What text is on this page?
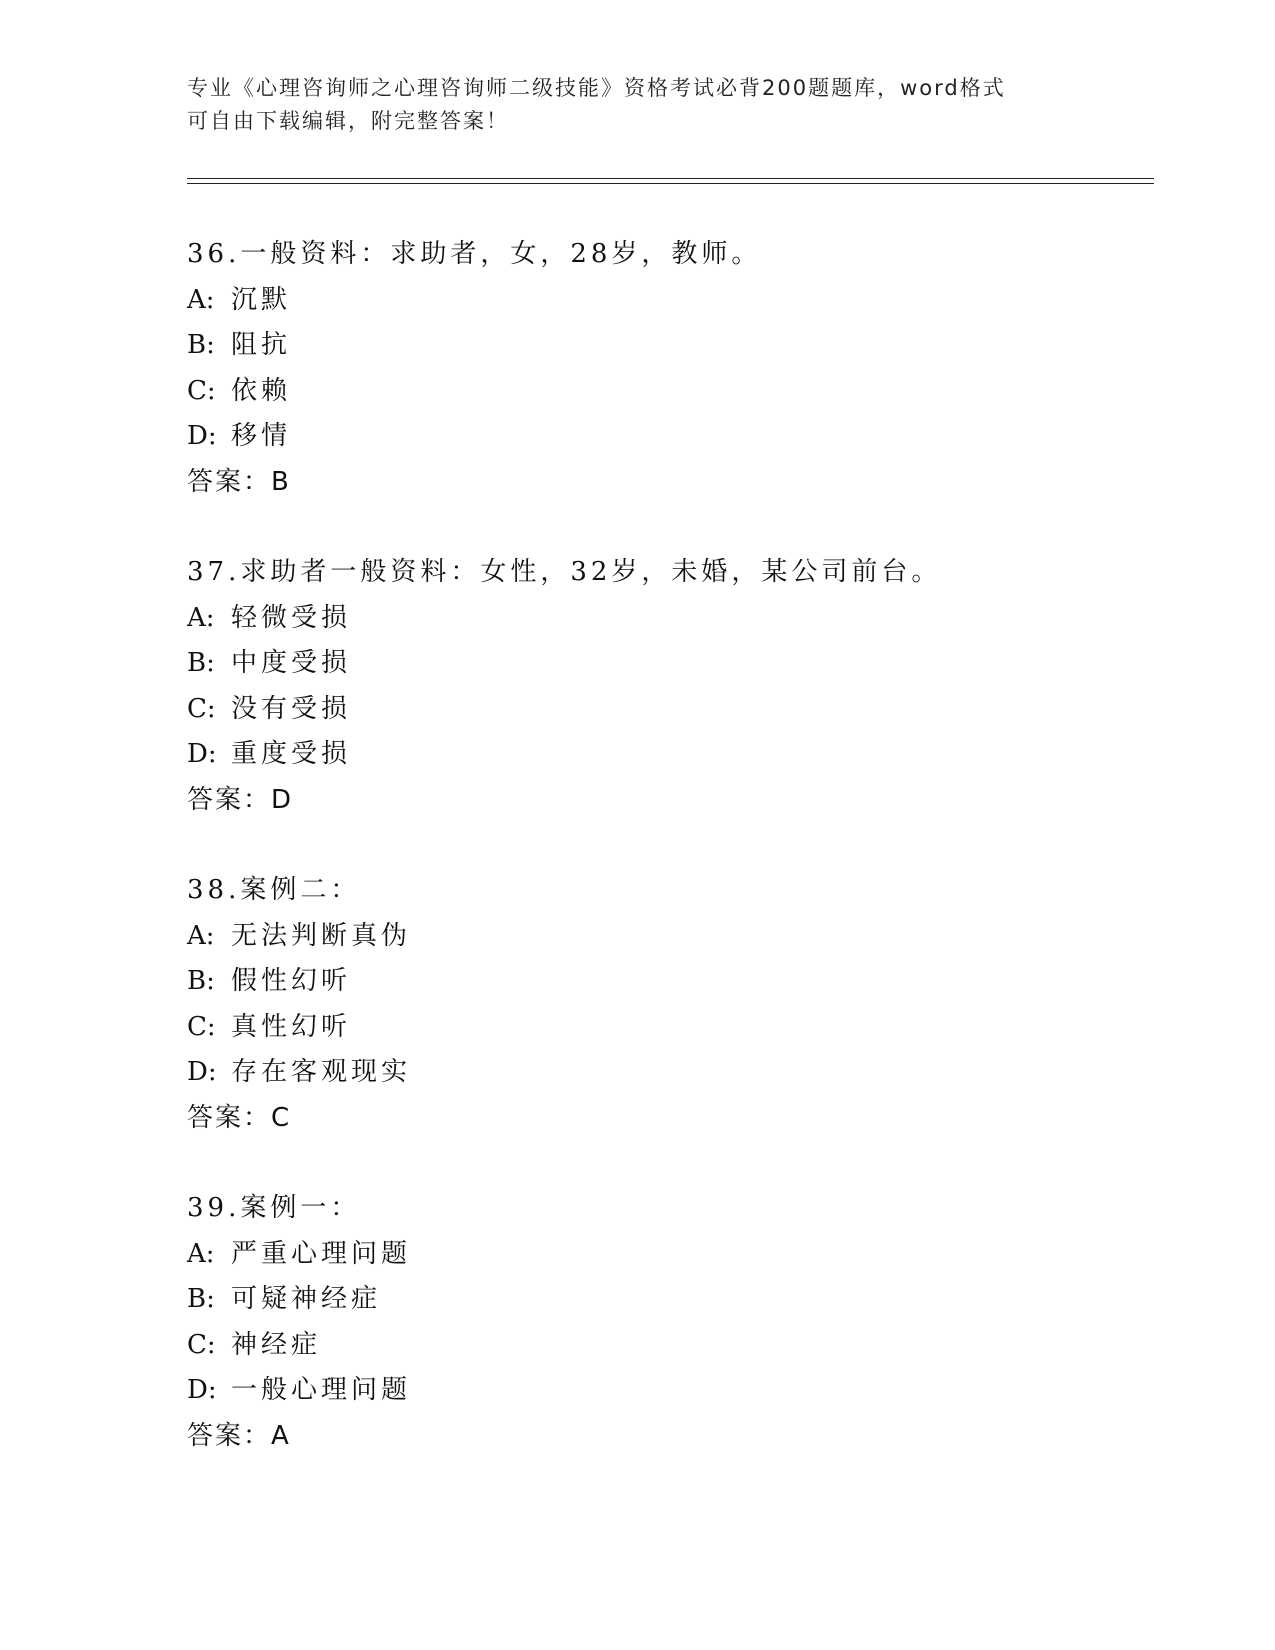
专业《心理咨询师之心理咨询师二级技能》资格考试必背200题题库，word格式
可自由下载编辑，附完整答案！
36.一般资料：求助者，女，28岁，教师。
A: 沉默
B: 阻抗
C: 依赖
D: 移情
答案：B
37.求助者一般资料：女性，32岁，未婚，某公司前台。
A: 轻微受损
B: 中度受损
C: 没有受损
D: 重度受损
答案：D
38.案例二：
A: 无法判断真伪
B: 假性幻听
C: 真性幻听
D: 存在客观现实
答案：C
39.案例一：
A: 严重心理问题
B: 可疑神经症
C: 神经症
D: 一般心理问题
答案：A
